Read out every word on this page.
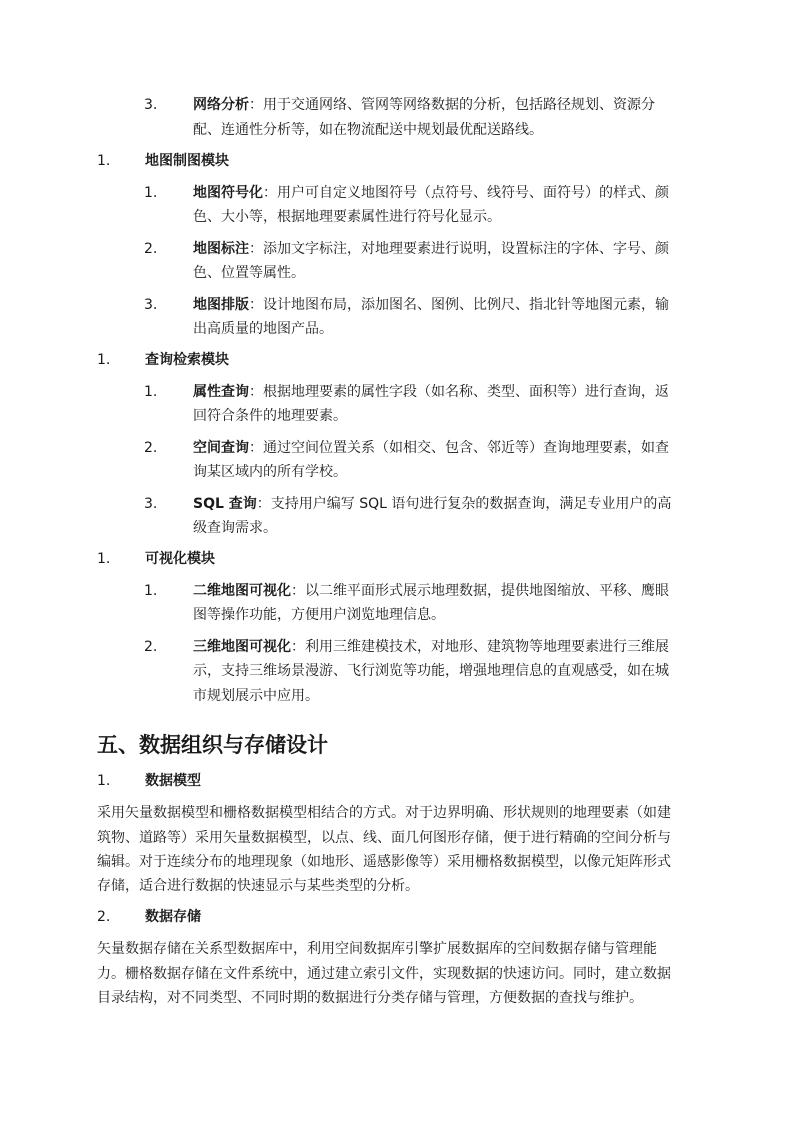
3.	网络分析：用于交通网络、管网等网络数据的分析，包括路径规划、资源分
配、连通性分析等，如在物流配送中规划最优配送路线。
1. 地图制图模块
1.	地图符号化：用户可自定义地图符号（点符号、线符号、面符号）的样式、颜
色、大小等，根据地理要素属性进行符号化显示。
2.	地图标注：添加文字标注，对地理要素进行说明，设置标注的字体、字号、颜
色、位置等属性。
3.	地图排版：设计地图布局，添加图名、图例、比例尺、指北针等地图元素，输
出高质量的地图产品。
1. 查询检索模块
1.	属性查询：根据地理要素的属性字段（如名称、类型、面积等）进行查询，返
回符合条件的地理要素。
2.	空间查询：通过空间位置关系（如相交、包含、邻近等）查询地理要素，如查
询某区域内的所有学校。
3.	SQL 查询：支持用户编写 SQL 语句进行复杂的数据查询，满足专业用户的高
级查询需求。
1. 可视化模块
1.	二维地图可视化：以二维平面形式展示地理数据，提供地图缩放、平移、鹰眼
图等操作功能，方便用户浏览地理信息。
2.	三维地图可视化：利用三维建模技术，对地形、建筑物等地理要素进行三维展
示，支持三维场景漫游、飞行浏览等功能，增强地理信息的直观感受，如在城
市规划展示中应用。
五、数据组织与存储设计
1. 数据模型
采用矢量数据模型和栅格数据模型相结合的方式。对于边界明确、形状规则的地理要素（如建
筑物、道路等）采用矢量数据模型，以点、线、面几何图形存储，便于进行精确的空间分析与
编辑。对于连续分布的地理现象（如地形、遥感影像等）采用栅格数据模型，以像元矩阵形式
存储，适合进行数据的快速显示与某些类型的分析。
2. 数据存储
矢量数据存储在关系型数据库中，利用空间数据库引擎扩展数据库的空间数据存储与管理能
力。栅格数据存储在文件系统中，通过建立索引文件，实现数据的快速访问。同时，建立数据
目录结构，对不同类型、不同时期的数据进行分类存储与管理，方便数据的查找与维护。
